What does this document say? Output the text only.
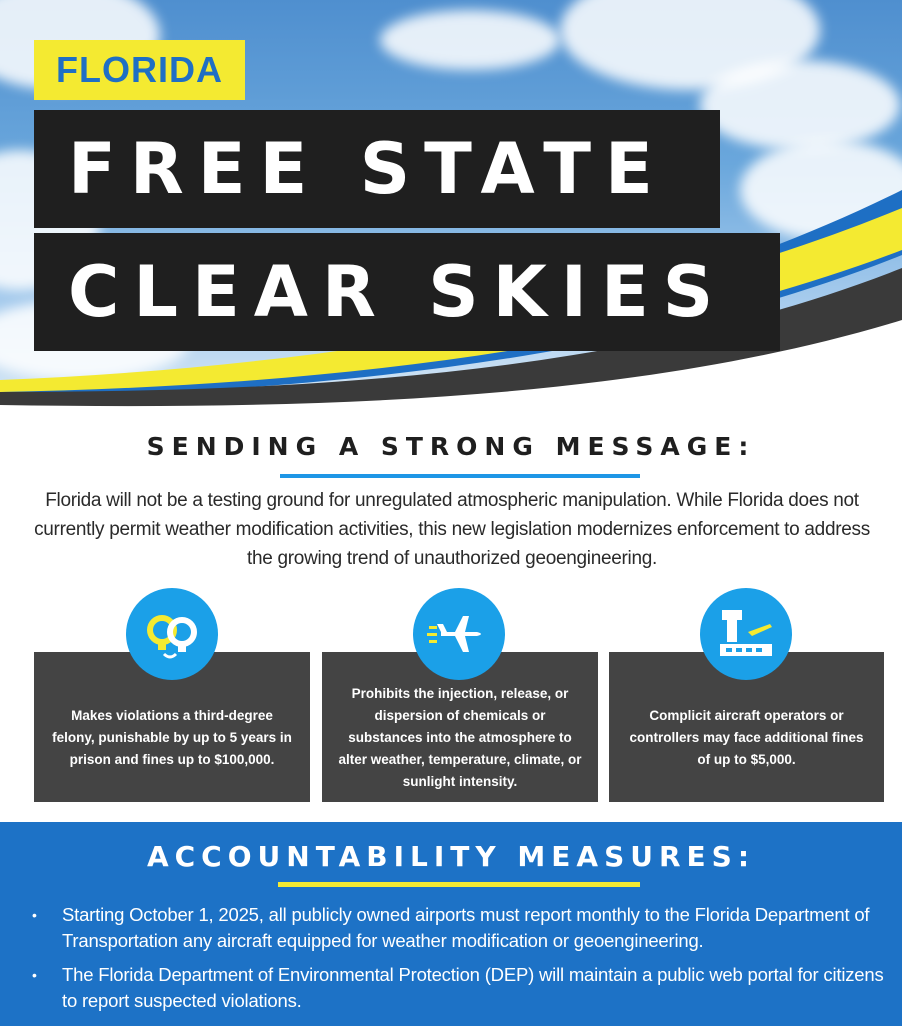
FLORIDA
FREE STATE
CLEAR SKIES
SENDING A STRONG MESSAGE:
Florida will not be a testing ground for unregulated atmospheric manipulation. While Florida does not currently permit weather modification activities, this new legislation modernizes enforcement to address the growing trend of unauthorized geoengineering.
Makes violations a third-degree felony, punishable by up to 5 years in prison and fines up to $100,000.
Prohibits the injection, release, or dispersion of chemicals or substances into the atmosphere to alter weather, temperature, climate, or sunlight intensity.
Complicit aircraft operators or controllers may face additional fines of up to $5,000.
ACCOUNTABILITY MEASURES:
• Starting October 1, 2025, all publicly owned airports must report monthly to the Florida Department of Transportation any aircraft equipped for weather modification or geoengineering.
• The Florida Department of Environmental Protection (DEP) will maintain a public web portal for citizens to report suspected violations.
